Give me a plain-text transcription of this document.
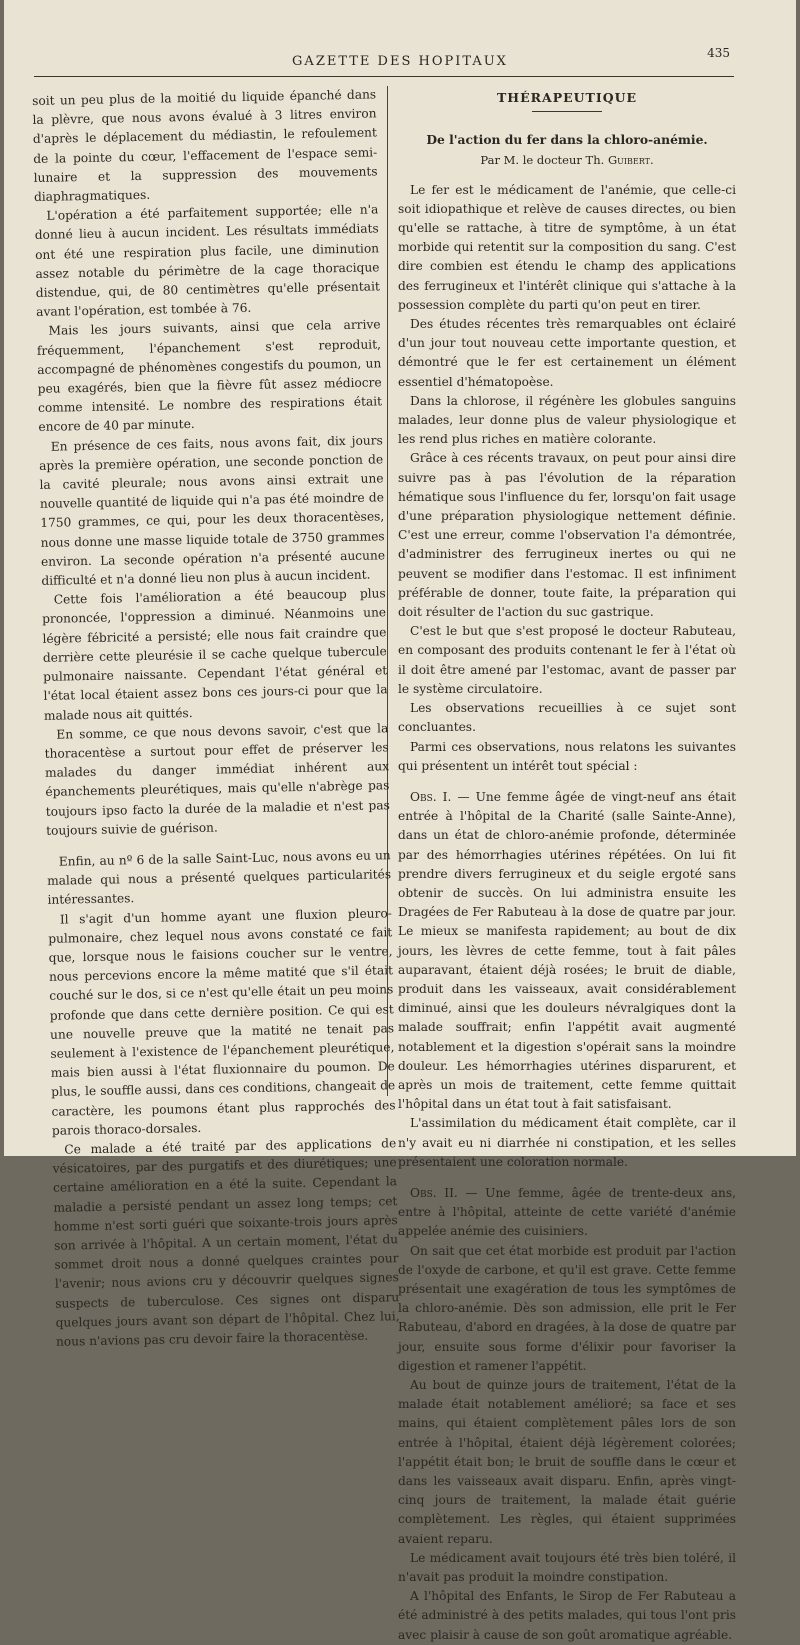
GAZETTE DES HOPITAUX
435

soit un peu plus de la moitié du liquide épanché dans la plèvre, que nous avons évalué à 3 litres environ d'après le déplacement du médiastin, le refoulement de la pointe du cœur, l'effacement de l'espace semi-lunaire et la suppression des mouvements diaphragmatiques.

L'opération a été parfaitement supportée; elle n'a donné lieu à aucun incident. Les résultats immédiats ont été une respiration plus facile, une diminution assez notable du périmètre de la cage thoracique distendue, qui, de 80 centimètres qu'elle présentait avant l'opération, est tombée à 76.

Mais les jours suivants, ainsi que cela arrive fréquemment, l'épanchement s'est reproduit, accompagné de phénomènes congestifs du poumon, un peu exagérés, bien que la fièvre fût assez médiocre comme intensité. Le nombre des respirations était encore de 40 par minute.

En présence de ces faits, nous avons fait, dix jours après la première opération, une seconde ponction de la cavité pleurale; nous avons ainsi extrait une nouvelle quantité de liquide qui n'a pas été moindre de 1750 grammes, ce qui, pour les deux thoracentèses, nous donne une masse liquide totale de 3750 grammes environ. La seconde opération n'a présenté aucune difficulté et n'a donné lieu non plus à aucun incident.

Cette fois l'amélioration a été beaucoup plus prononcée, l'oppression a diminué. Néanmoins une légère fébricité a persisté; elle nous fait craindre que derrière cette pleurésie il se cache quelque tubercule pulmonaire naissante. Cependant l'état général et l'état local étaient assez bons ces jours-ci pour que la malade nous ait quittés.

En somme, ce que nous devons savoir, c'est que la thoracentèse a surtout pour effet de préserver les malades du danger immédiat inhérent aux épanchements pleurétiques, mais qu'elle n'abrège pas toujours ipso facto la durée de la maladie et n'est pas toujours suivie de guérison.

Enfin, au nº 6 de la salle Saint-Luc, nous avons eu un malade qui nous a présenté quelques particularités intéressantes.

Il s'agit d'un homme ayant une fluxion pleuro-pulmonaire, chez lequel nous avons constaté ce fait que, lorsque nous le faisions coucher sur le ventre, nous percevions encore la même matité que s'il était couché sur le dos, si ce n'est qu'elle était un peu moins profonde que dans cette dernière position. Ce qui est une nouvelle preuve que la matité ne tenait pas seulement à l'existence de l'épanchement pleurétique, mais bien aussi à l'état fluxionnaire du poumon. De plus, le souffle aussi, dans ces conditions, changeait de caractère, les poumons étant plus rapprochés des parois thoraco-dorsales.

Ce malade a été traité par des applications de vésicatoires, par des purgatifs et des diurétiques; une certaine amélioration en a été la suite. Cependant la maladie a persisté pendant un assez long temps; cet homme n'est sorti guéri que soixante-trois jours après son arrivée à l'hôpital. A un certain moment, l'état du sommet droit nous a donné quelques craintes pour l'avenir; nous avions cru y découvrir quelques signes suspects de tuberculose. Ces signes ont disparu quelques jours avant son départ de l'hôpital. Chez lui, nous n'avions pas cru devoir faire la thoracentèse.

THÉRAPEUTIQUE
De l'action du fer dans la chloro-anémie.
Par M. le docteur Th. Guibert.

Le fer est le médicament de l'anémie, que celle-ci soit idiopathique et relève de causes directes, ou bien qu'elle se rattache, à titre de symptôme, à un état morbide qui retentit sur la composition du sang. C'est dire combien est étendu le champ des applications des ferrugineux et l'intérêt clinique qui s'attache à la possession complète du parti qu'on peut en tirer.

Des études récentes très remarquables ont éclairé d'un jour tout nouveau cette importante question, et démontré que le fer est certainement un élément essentiel d'hématopoèse.

Dans la chlorose, il régénère les globules sanguins malades, leur donne plus de valeur physiologique et les rend plus riches en matière colorante.

Grâce à ces récents travaux, on peut pour ainsi dire suivre pas à pas l'évolution de la réparation hématique sous l'influence du fer, lorsqu'on fait usage d'une préparation physiologique nettement définie. C'est une erreur, comme l'observation l'a démontrée, d'administrer des ferrugineux inertes ou qui ne peuvent se modifier dans l'estomac. Il est infiniment préférable de donner, toute faite, la préparation qui doit résulter de l'action du suc gastrique.

C'est le but que s'est proposé le docteur Rabuteau, en composant des produits contenant le fer à l'état où il doit être amené par l'estomac, avant de passer par le système circulatoire.

Les observations recueillies à ce sujet sont concluantes.

Parmi ces observations, nous relatons les suivantes qui présentent un intérêt tout spécial :

Obs. I. — Une femme âgée de vingt-neuf ans était entrée à l'hôpital de la Charité (salle Sainte-Anne), dans un état de chloro-anémie profonde, déterminée par des hémorrhagies utérines répétées. On lui fit prendre divers ferrugineux et du seigle ergoté sans obtenir de succès. On lui administra ensuite les Dragées de Fer Rabuteau à la dose de quatre par jour. Le mieux se manifesta rapidement; au bout de dix jours, les lèvres de cette femme, tout à fait pâles auparavant, étaient déjà rosées; le bruit de diable, produit dans les vaisseaux, avait considérablement diminué, ainsi que les douleurs névralgiques dont la malade souffrait; enfin l'appétit avait augmenté notablement et la digestion s'opérait sans la moindre douleur. Les hémorrhagies utérines disparurent, et après un mois de traitement, cette femme quittait l'hôpital dans un état tout à fait satisfaisant.

L'assimilation du médicament était complète, car il n'y avait eu ni diarrhée ni constipation, et les selles présentaient une coloration normale.

Obs. II. — Une femme, âgée de trente-deux ans, entre à l'hôpital, atteinte de cette variété d'anémie appelée anémie des cuisiniers.

On sait que cet état morbide est produit par l'action de l'oxyde de carbone, et qu'il est grave. Cette femme présentait une exagération de tous les symptômes de la chloro-anémie. Dès son admission, elle prit le Fer Rabuteau, d'abord en dragées, à la dose de quatre par jour, ensuite sous forme d'élixir pour favoriser la digestion et ramener l'appétit.

Au bout de quinze jours de traitement, l'état de la malade était notablement amélioré; sa face et ses mains, qui étaient complètement pâles lors de son entrée à l'hôpital, étaient déjà légèrement colorées; l'appétit était bon; le bruit de souffle dans le cœur et dans les vaisseaux avait disparu. Enfin, après vingt-cinq jours de traitement, la malade était guérie complètement. Les règles, qui étaient supprimées avaient reparu.

Le médicament avait toujours été très bien toléré, il n'avait pas produit la moindre constipation.

A l'hôpital des Enfants, le Sirop de Fer Rabuteau a été administré à des petits malades, qui tous l'ont pris avec plaisir à cause de son goût aromatique agréable.
